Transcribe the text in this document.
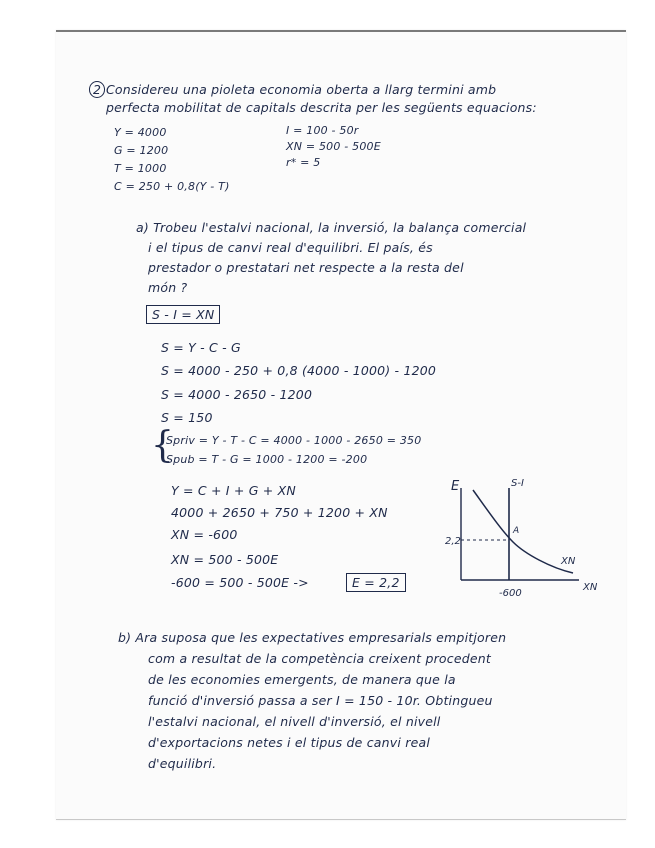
2 Considereu una pioleta economia oberta a llarg termini amb
perfecta mobilitat de capitals descrita per les següents equacions:
Y = 4000
G = 1200
T = 1000
C = 250 + 0,8(Y - T)
I = 100 - 50r
XN = 500 - 500E
r* = 5
a) Trobeu l'estalvi nacional, la inversió, la balança comercial
i el tipus de canvi real d'equilibri. El país, és
prestador o prestatari net respecte a la resta del
món ?
S - I = XN
S = Y - C - G
S = 4000 - 250 + 0,8 (4000 - 1000) - 1200
S = 4000 - 2650 - 1200
S = 150
{
Spriv = Y - T - C = 4000 - 1000 - 2650 = 350
Spub = T - G = 1000 - 1200 = -200
Y = C + I + G + XN
4000 + 2650 + 750 + 1200 + XN
XN = -600
XN = 500 - 500E
-600 = 500 - 500E ->	E = 2,2
E	S-I
A
XN
XN
2,2
-600
b) Ara suposa que les expectatives empresarials empitjoren
com a resultat de la competència creixent procedent
de les economies emergents, de manera que la
funció d'inversió passa a ser I = 150 - 10r. Obtingueu
l'estalvi nacional, el nivell d'inversió, el nivell
d'exportacions netes i el tipus de canvi real
d'equilibri.
